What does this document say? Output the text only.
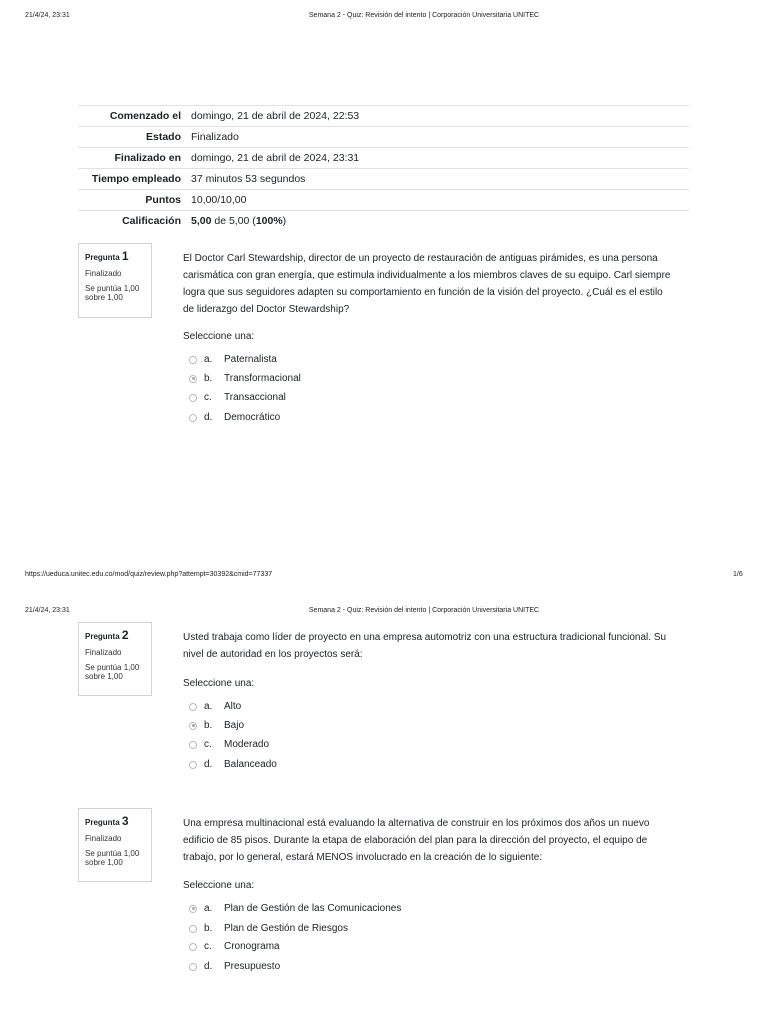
21/4/24, 23:31	Semana 2 - Quiz: Revisión del intento | Corporación Universitaria UNITEC
Comenzado el	domingo, 21 de abril de 2024, 22:53
Estado	Finalizado
Finalizado en	domingo, 21 de abril de 2024, 23:31
Tiempo empleado	37 minutos 53 segundos
Puntos	10,00/10,00
Calificación	5,00 de 5,00 (100%)
Pregunta 1
Finalizado
Se puntúa 1,00 sobre 1,00
El Doctor Carl Stewardship, director de un proyecto de restauración de antiguas pirámides, es una persona carismática con gran energía, que estimula individualmente a los miembros claves de su equipo. Carl siempre logra que sus seguidores adapten su comportamiento en función de la visión del proyecto. ¿Cuál es el estilo de liderazgo del Doctor Stewardship?
Seleccione una:
a.	Paternalista
b.	Transformacional
c.	Transaccional
d.	Democrático
https://ueduca.unitec.edu.co/mod/quiz/review.php?attempt=30392&cmid=77337	1/6
21/4/24, 23:31	Semana 2 - Quiz: Revisión del intento | Corporación Universitaria UNITEC
Pregunta 2
Finalizado
Se puntúa 1,00 sobre 1,00
Usted trabaja como líder de proyecto en una empresa automotriz con una estructura tradicional funcional. Su nivel de autoridad en los proyectos será:
Seleccione una:
a.	Alto
b.	Bajo
c.	Moderado
d.	Balanceado
Pregunta 3
Finalizado
Se puntúa 1,00 sobre 1,00
Una empresa multinacional está evaluando la alternativa de construir en los próximos dos años un nuevo edificio de 85 pisos. Durante la etapa de elaboración del plan para la dirección del proyecto, el equipo de trabajo, por lo general, estará MENOS involucrado en la creación de lo siguiente:
Seleccione una:
a.	Plan de Gestión de las Comunicaciones
b.	Plan de Gestión de Riesgos
c.	Cronograma
d.	Presupuesto
